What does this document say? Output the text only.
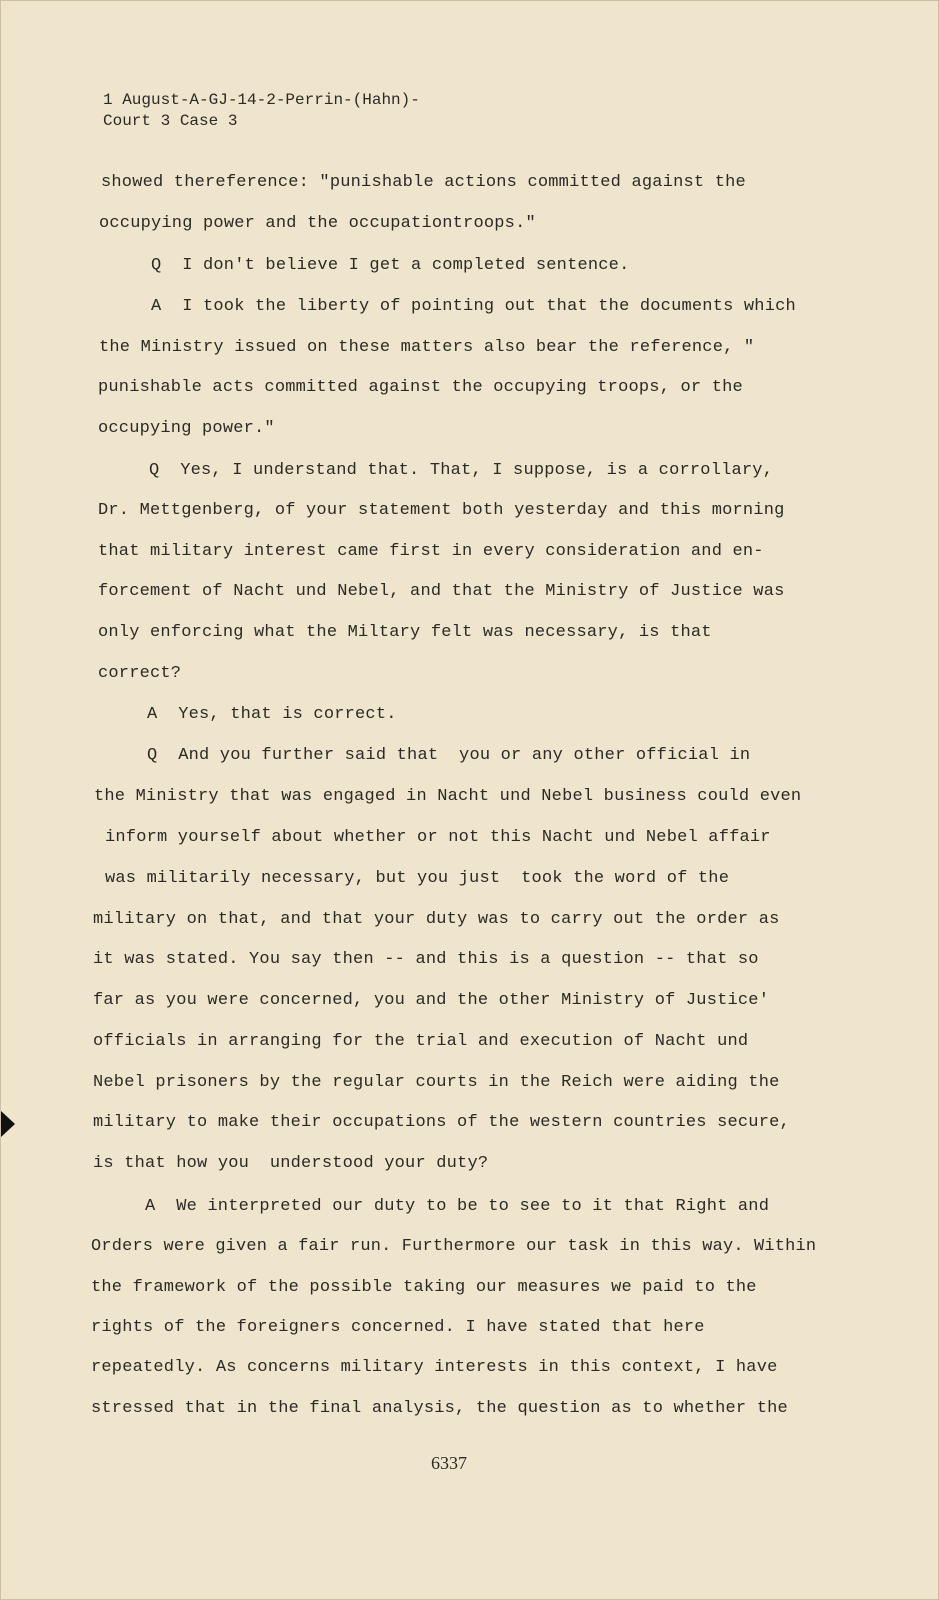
1 August-A-GJ-14-2-Perrin-(Hahn)-
Court 3 Case 3
showed thereference: "punishable actions committed against the
occupying power and the occupationtroops."
Q  I don't believe I get a completed sentence.
A  I took the liberty of pointing out that the documents which
the Ministry issued on these matters also bear the reference, "
punishable acts committed against the occupying troops, or the
occupying power."
Q  Yes, I understand that. That, I suppose, is a corrollary,
Dr. Mettgenberg, of your statement both yesterday and this morning
that military interest came first in every consideration and en-
forcement of Nacht und Nebel, and that the Ministry of Justice was
only enforcing what the Miltary felt was necessary, is that
correct?
A  Yes, that is correct.
Q  And you further said that  you or any other official in
the Ministry that was engaged in Nacht und Nebel business could even
inform yourself about whether or not this Nacht und Nebel affair
was militarily necessary, but you just  took the word of the
military on that, and that your duty was to carry out the order as
it was stated. You say then -- and this is a question -- that so
far as you were concerned, you and the other Ministry of Justice'
officials in arranging for the trial and execution of Nacht und
Nebel prisoners by the regular courts in the Reich were aiding the
military to make their occupations of the western countries secure,
is that how you  understood your duty?
A  We interpreted our duty to be to see to it that Right and
Orders were given a fair run. Furthermore our task in this way. Within
the framework of the possible taking our measures we paid to the
rights of the foreigners concerned. I have stated that here
repeatedly. As concerns military interests in this context, I have
stressed that in the final analysis, the question as to whether the
6337
